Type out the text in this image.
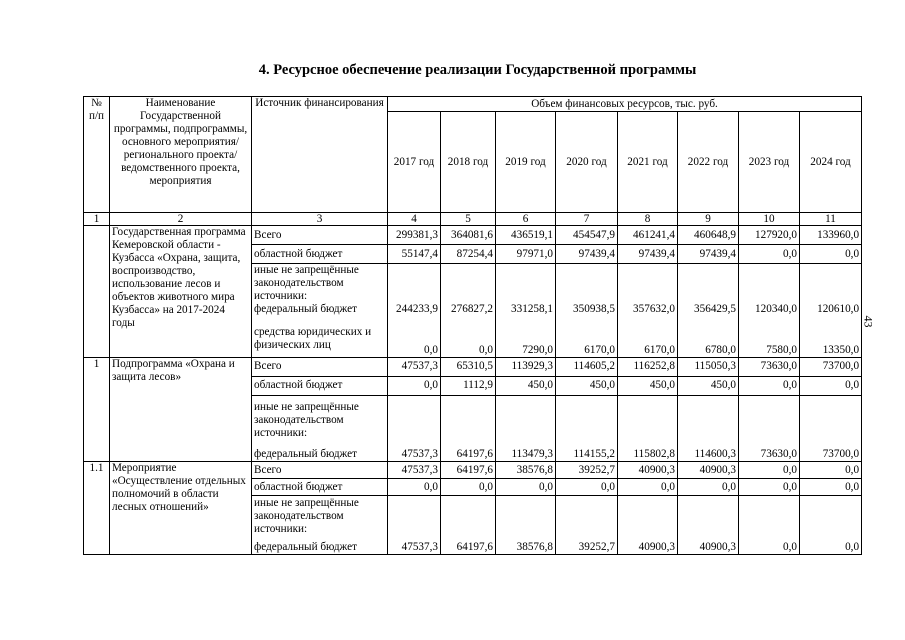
4. Ресурсное обеспечение реализации Государственной программы
43
№ п/п	Наименование Государственной программы, подпрограммы, основного мероприятия/ регионального проекта/ ведомственного проекта, мероприятия	Источник финансирования	Объем финансовых ресурсов, тыс. руб.							
			2017 год	2018 год	2019 год	2020 год	2021 год	2022 год	2023 год	2024 год
1	2	3	4	5	6	7	8	9	10	11
	Государственная программа Кемеровской области - Кузбасса «Охрана, защита, воспроизводство, использование лесов и объектов животного мира Кузбасса» на 2017-2024 годы	Всего	299381,3	364081,6	436519,1	454547,9	461241,4	460648,9	127920,0	133960,0
		областной бюджет	55147,4	87254,4	97971,0	97439,4	97439,4	97439,4	0,0	0,0
		иные не запрещённые законодательством источники:								
		федеральный бюджет	244233,9	276827,2	331258,1	350938,5	357632,0	356429,5	120340,0	120610,0
		средства юридических и физических лиц	0,0	0,0	7290,0	6170,0	6170,0	6780,0	7580,0	13350,0
1	Подпрограмма «Охрана и защита лесов»	Всего	47537,3	65310,5	113929,3	114605,2	116252,8	115050,3	73630,0	73700,0
		областной бюджет	0,0	1112,9	450,0	450,0	450,0	450,0	0,0	0,0
		иные не запрещённые законодательством источники:								
		федеральный бюджет	47537,3	64197,6	113479,3	114155,2	115802,8	114600,3	73630,0	73700,0
1.1	Мероприятие «Осуществление отдельных полномочий в области лесных отношений»	Всего	47537,3	64197,6	38576,8	39252,7	40900,3	40900,3	0,0	0,0
		областной бюджет	0,0	0,0	0,0	0,0	0,0	0,0	0,0	0,0
		иные не запрещённые законодательством источники:								
		федеральный бюджет	47537,3	64197,6	38576,8	39252,7	40900,3	40900,3	0,0	0,0
